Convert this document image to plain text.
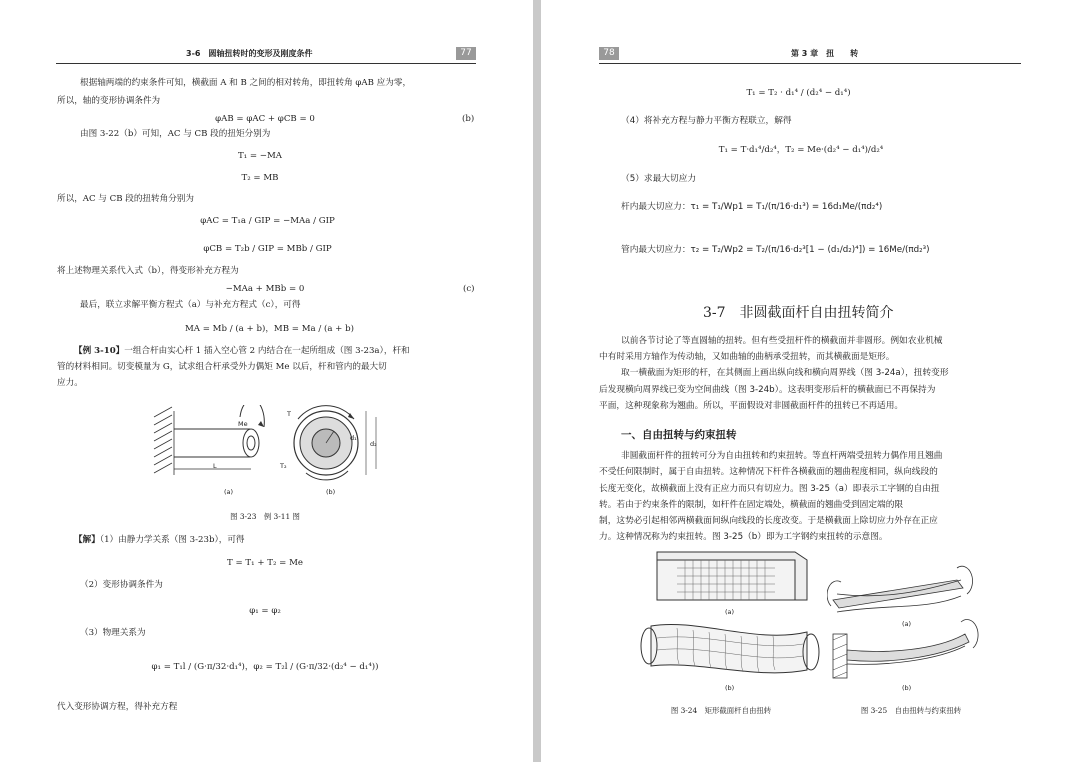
3-6　圆轴扭转时的变形及刚度条件	77
根据轴两端的约束条件可知，横截面 A 和 B 之间的相对转角，即扭转角 φAB 应为零，
所以，轴的变形协调条件为
φAB = φAC + φCB = 0	(b)
由图 3-22（b）可知，AC 与 CB 段的扭矩分别为
T₁ = −MA
T₂ = MB
所以，AC 与 CB 段的扭转角分别为
φAC = T₁a / GIP = −MAa / GIP
φCB = T₂b / GIP = MBb / GIP
将上述物理关系代入式（b），得变形补充方程为
−MAa + MBb = 0	(c)
最后，联立求解平衡方程式（a）与补充方程式（c），可得
MA = Mb / (a + b)，MB = Ma / (a + b)
【例 3-10】一组合杆由实心杆 1 插入空心管 2 内结合在一起所组成（图 3-23a），杆和
管的材料相同。切变模量为 G，试求组合杆承受外力偶矩 Me 以后，杆和管内的最大切
应力。
Me
L
T
T₂
d₁
d₂
(a)	(b)
图 3-23　例 3-11 图
【解】（1）由静力学关系（图 3-23b），可得
T = T₁ + T₂ = Me
（2）变形协调条件为
φ₁ = φ₂
（3）物理关系为
φ₁ = T₁l / (G·π/32·d₁⁴)，φ₂ = T₂l / (G·π/32·(d₂⁴ − d₁⁴))
代入变形协调方程，得补充方程
78	第 3 章　扭　　转
T₁ = T₂ · d₁⁴ / (d₂⁴ − d₁⁴)
（4）将补充方程与静力平衡方程联立，解得
T₁ = T·d₁⁴/d₂⁴，T₂ = Me·(d₂⁴ − d₁⁴)/d₂⁴
（5）求最大切应力
杆内最大切应力：τ₁ = T₁/Wp1 = T₁/(π/16·d₁³) = 16d₁Me/(πd₂⁴)
管内最大切应力：τ₂ = T₂/Wp2 = T₂/(π/16·d₂³[1 − (d₁/d₂)⁴]) = 16Me/(πd₂³)
3-7　非圆截面杆自由扭转简介
以前各节讨论了等直圆轴的扭转。但有些受扭杆件的横截面并非圆形。例如农业机械
中有时采用方轴作为传动轴，又如曲轴的曲柄承受扭转，而其横截面是矩形。
取一横截面为矩形的杆，在其侧面上画出纵向线和横向周界线（图 3-24a），扭转变形
后发现横向周界线已变为空间曲线（图 3-24b）。这表明变形后杆的横截面已不再保持为
平面，这种现象称为翘曲。所以，平面假设对非圆截面杆件的扭转已不再适用。
一、自由扭转与约束扭转
非圆截面杆件的扭转可分为自由扭转和约束扭转。等直杆两端受扭转力偶作用且翘曲
不受任何限制时，属于自由扭转。这种情况下杆件各横截面的翘曲程度相同，纵向线段的
长度无变化，故横截面上没有正应力而只有切应力。图 3-25（a）即表示工字钢的自由扭
转。若由于约束条件的限制，如杆件在固定端处，横截面的翘曲受到固定端的限
制，这势必引起相邻两横截面间纵向线段的长度改变。于是横截面上除切应力外存在正应
力。这种情况称为约束扭转。图 3-25（b）即为工字钢约束扭转的示意图。
(a)
(b)
(a)
(b)
图 3-24　矩形截面杆自由扭转	图 3-25　自由扭转与约束扭转
